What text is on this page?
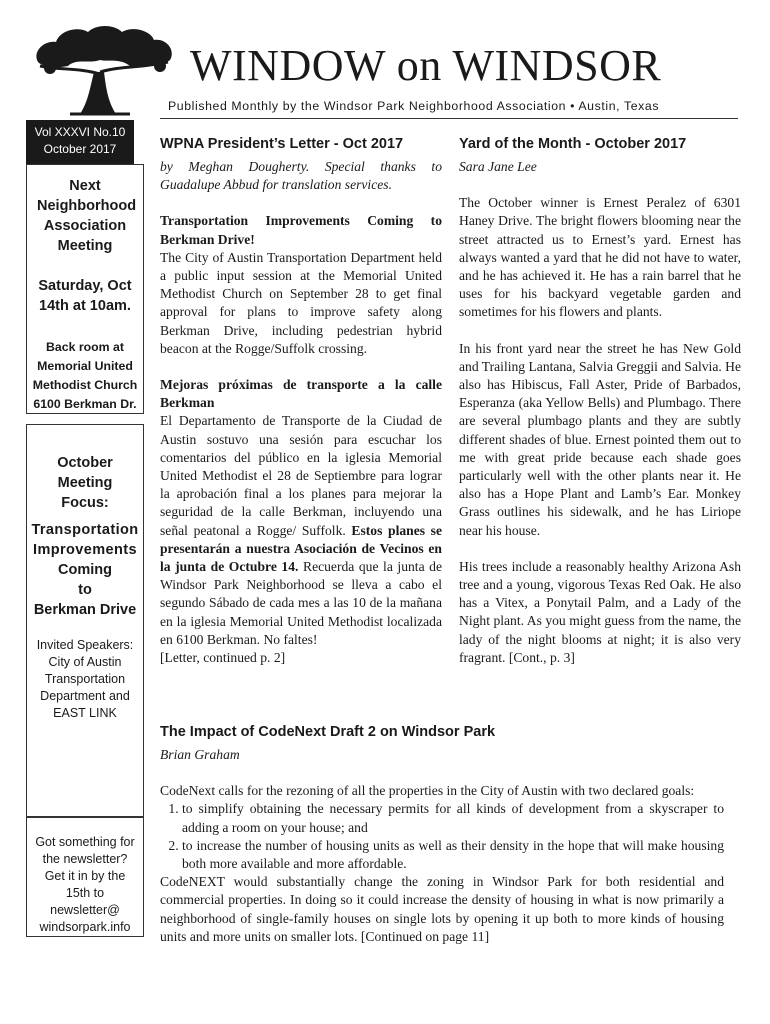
WINDOW on WINDSOR
Published Monthly by the Windsor Park Neighborhood Association • Austin, Texas
Vol XXXVI No.10
October 2017
Next Neighborhood Association Meeting
Saturday, Oct 14th at 10am.
Back room at Memorial United Methodist Church 6100 Berkman Dr.
October Meeting Focus:
Transportation Improvements
Coming
to
Berkman Drive
Invited Speakers: City of Austin Transportation Department and EAST LINK
Got something for the newsletter? Get it in by the 15th to newsletter@ windsorpark.info
WPNA President’s Letter - Oct 2017

by Meghan Dougherty. Special thanks to Guadalupe Abbud for translation services.

Transportation Improvements Coming to Berkman Drive!

The City of Austin Transportation Department held a public input session at the Memorial United Methodist Church on September 28 to get final approval for plans to improve safety along Berkman Drive, including pedestrian hybrid beacon at the Rogge/Suffolk crossing.

Mejoras próximas de transporte a la calle Berkman

El Departamento de Transporte de la Ciudad de Austin sostuvo una sesión para escuchar los comentarios del público en la iglesia Memorial United Methodist el 28 de Septiembre para lograr la aprobación final a los planes para mejorar la seguridad de la calle Berkman, incluyendo una señal peatonal a Rogge/ Suffolk. Estos planes se presentarán a nuestra Asociación de Vecinos en la junta de Octubre 14. Recuerda que la junta de Windsor Park Neighborhood se lleva a cabo el segundo Sábado de cada mes a las 10 de la mañana en la iglesia Memorial United Methodist localizada en 6100 Berkman. No faltes!

[Letter, continued p. 2]

Yard of the Month - October 2017

Sara Jane Lee

The October winner is Ernest Peralez of 6301 Haney Drive. The bright flowers blooming near the street attracted us to Ernest’s yard. Ernest has always wanted a yard that he did not have to water, and he has achieved it. He has a rain barrel that he uses for his backyard vegetable garden and sometimes for his flowers and plants.

In his front yard near the street he has New Gold and Trailing Lantana, Salvia Greggii and Salvia. He also has Hibiscus, Fall Aster, Pride of Barbados, Esperanza (aka Yellow Bells) and Plumbago. There are several plumbago plants and they are subtly different shades of blue. Ernest pointed them out to me with great pride because each shade goes particularly well with the other plants near it. He also has a Hope Plant and Lamb’s Ear. Monkey Grass outlines his sidewalk, and he has Liriope near his house.

His trees include a reasonably healthy Arizona Ash tree and a young, vigorous Texas Red Oak. He also has a Vitex, a Ponytail Palm, and a Lady of the Night plant. As you might guess from the name, the lady of the night blooms at night; it is also very fragrant. [Cont., p. 3]

The Impact of CodeNext Draft 2 on Windsor Park

Brian Graham

CodeNext calls for the rezoning of all the properties in the City of Austin with two declared goals:

1. to simplify obtaining the necessary permits for all kinds of development from a skyscraper to adding a room on your house; and
2. to increase the number of housing units as well as their density in the hope that will make housing both more available and more affordable.

CodeNEXT would substantially change the zoning in Windsor Park for both residential and commercial properties. In doing so it could increase the density of housing in what is now primarily a neighborhood of single-family houses on single lots by opening it up both to more kinds of housing units and more units on smaller lots. [Continued on page 11]
